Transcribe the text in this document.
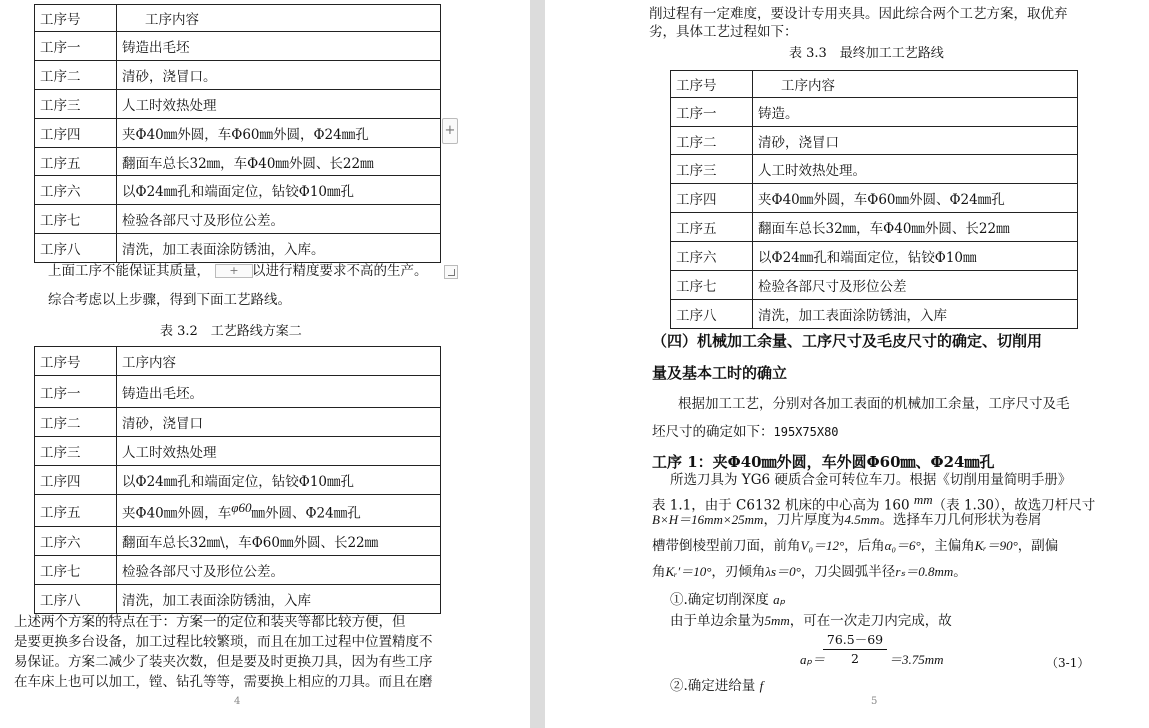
工序号	工序内容
工序一	铸造出毛坯
工序二	清砂，浇冒口。
工序三	人工时效热处理
工序四	夹Φ40㎜外圆，车Φ60㎜外圆，Φ24㎜孔
工序五	翻面车总长32㎜，车Φ40㎜外圆、长22㎜
工序六	以Φ24㎜孔和端面定位，钻铰Φ10㎜孔
工序七	检验各部尺寸及形位公差。
工序八	清洗，加工表面涂防锈油，入库。
+
上面工序不能保证其质量，	+ 以进行精度要求不高的生产。
综合考虑以上步骤，得到下面工艺路线。
表 3.2　工艺路线方案二
工序号	工序内容
工序一	铸造出毛坯。
工序二	清砂，浇冒口
工序三	人工时效热处理
工序四	以Φ24㎜孔和端面定位，钻铰Φ10㎜孔
工序五	夹Φ40㎜外圆，车$^{\varphi 60}$㎜外圆、Φ24㎜孔
工序六	翻面车总长32㎜\，车Φ60㎜外圆、长22㎜
工序七	检验各部尺寸及形位公差。
工序八	清洗，加工表面涂防锈油，入库
上述两个方案的特点在于：方案一的定位和装夹等都比较方便，但
是要更换多台设备，加工过程比较繁琐，而且在加工过程中位置精度不
易保证。方案二减少了装夹次数，但是要及时更换刀具，因为有些工序
在车床上也可以加工，镗、钻孔等等，需要换上相应的刀具。而且在磨
4
削过程有一定难度，要设计专用夹具。因此综合两个工艺方案，取优弃
劣，具体工艺过程如下：
表 3.3　最终加工工艺路线
工序号	工序内容
工序一	铸造。
工序二	清砂，浇冒口
工序三	人工时效热处理。
工序四	夹Φ40㎜外圆，车Φ60㎜外圆、Φ24㎜孔
工序五	翻面车总长32㎜，车Φ40㎜外圆、长22㎜
工序六	以Φ24㎜孔和端面定位，钻铰Φ10㎜
工序七	检验各部尺寸及形位公差
工序八	清洗，加工表面涂防锈油，入库
（四）机械加工余量、工序尺寸及毛皮尺寸的确定、切削用
量及基本工时的确立
根据加工工艺，分别对各加工表面的机械加工余量，工序尺寸及毛
坯尺寸的确定如下：195X75X80
工序 1：夹Φ40㎜外圆，车外圆Φ60㎜、Φ24㎜孔
所选刀具为 YG6 硬质合金可转位车刀。根据《切削用量简明手册》
表 1.1，由于 C6132 机床的中心高为 160 $^{mm}$（表 1.30），故选刀杆尺寸
B×H＝16mm×25mm，刀片厚度为4.5mm。选择车刀几何形状为卷屑
槽带倒棱型前刀面，前角V₀＝12°，后角α₀＝6°，主偏角Kᵣ＝90°，副偏
角Kᵣ′＝10°，刃倾角λs＝0°，刀尖圆弧半径rₛ＝0.8mm。
①.确定切削深度 aₚ
由于单边余量为5mm，可在一次走刀内完成，故
aₚ＝
$\frac{76.5-69}{2} =3.75mm$	（3-1）
②.确定进给量 f
5
